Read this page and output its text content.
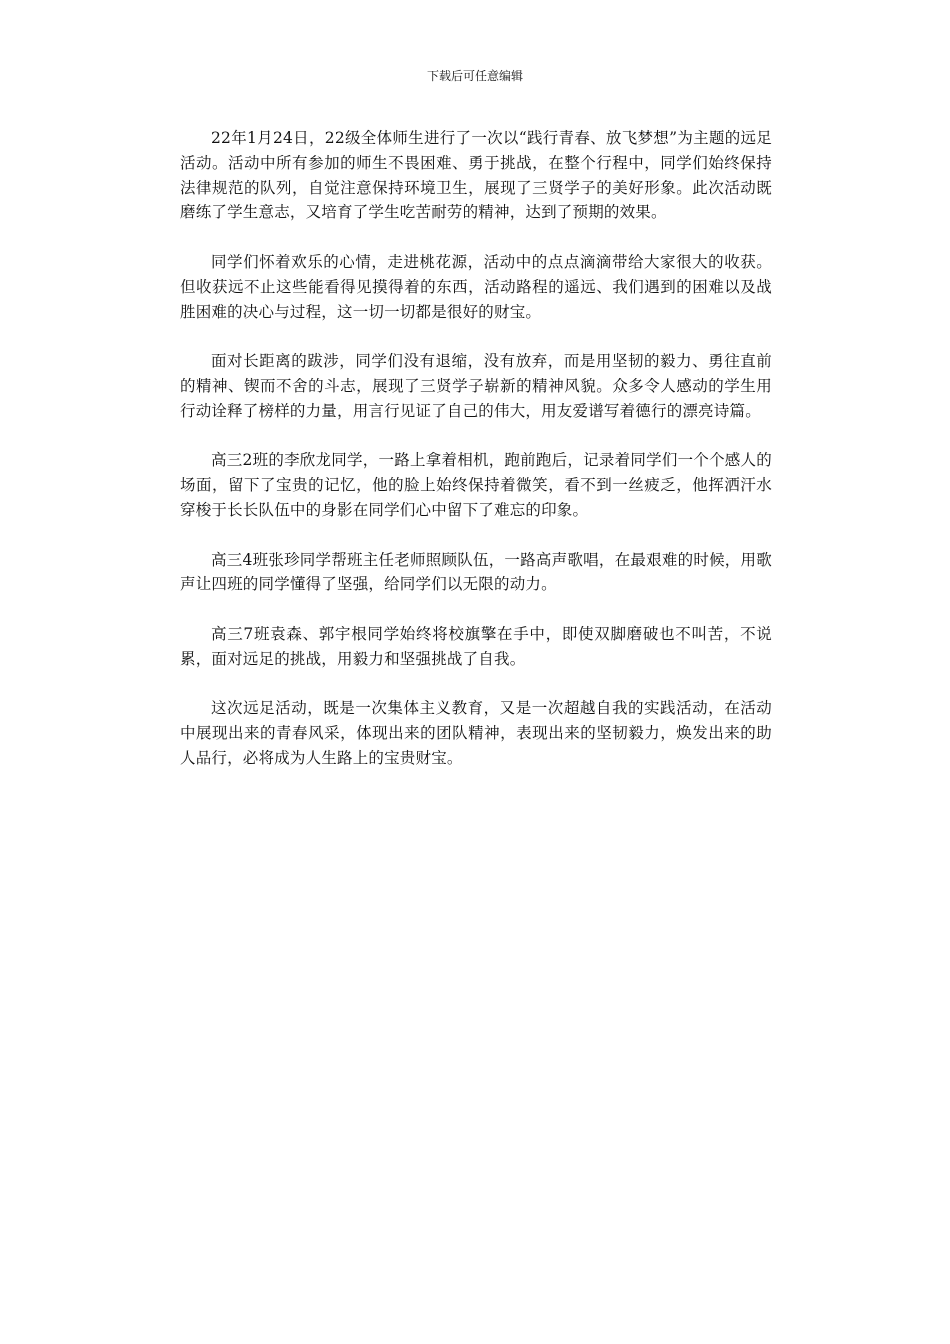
下载后可任意编辑

22年1月24日，22级全体师生进行了一次以“践行青春、放飞梦想”为主题的远足活动。活动中所有参加的师生不畏困难、勇于挑战，在整个行程中，同学们始终保持法律规范的队列，自觉注意保持环境卫生，展现了三贤学子的美好形象。此次活动既磨练了学生意志，又培育了学生吃苦耐劳的精神，达到了预期的效果。

同学们怀着欢乐的心情，走进桃花源，活动中的点点滴滴带给大家很大的收获。但收获远不止这些能看得见摸得着的东西，活动路程的遥远、我们遇到的困难以及战胜困难的决心与过程，这一切一切都是很好的财宝。

面对长距离的跋涉，同学们没有退缩，没有放弃，而是用坚韧的毅力、勇往直前的精神、锲而不舍的斗志，展现了三贤学子崭新的精神风貌。众多令人感动的学生用行动诠释了榜样的力量，用言行见证了自己的伟大，用友爱谱写着德行的漂亮诗篇。

高三2班的李欣龙同学，一路上拿着相机，跑前跑后，记录着同学们一个个感人的场面，留下了宝贵的记忆，他的脸上始终保持着微笑，看不到一丝疲乏，他挥洒汗水穿梭于长长队伍中的身影在同学们心中留下了难忘的印象。

高三4班张珍同学帮班主任老师照顾队伍，一路高声歌唱，在最艰难的时候，用歌声让四班的同学懂得了坚强，给同学们以无限的动力。

高三7班袁森、郭宇根同学始终将校旗擎在手中，即使双脚磨破也不叫苦，不说累，面对远足的挑战，用毅力和坚强挑战了自我。

这次远足活动，既是一次集体主义教育，又是一次超越自我的实践活动，在活动中展现出来的青春风采，体现出来的团队精神，表现出来的坚韧毅力，焕发出来的助人品行，必将成为人生路上的宝贵财宝。
